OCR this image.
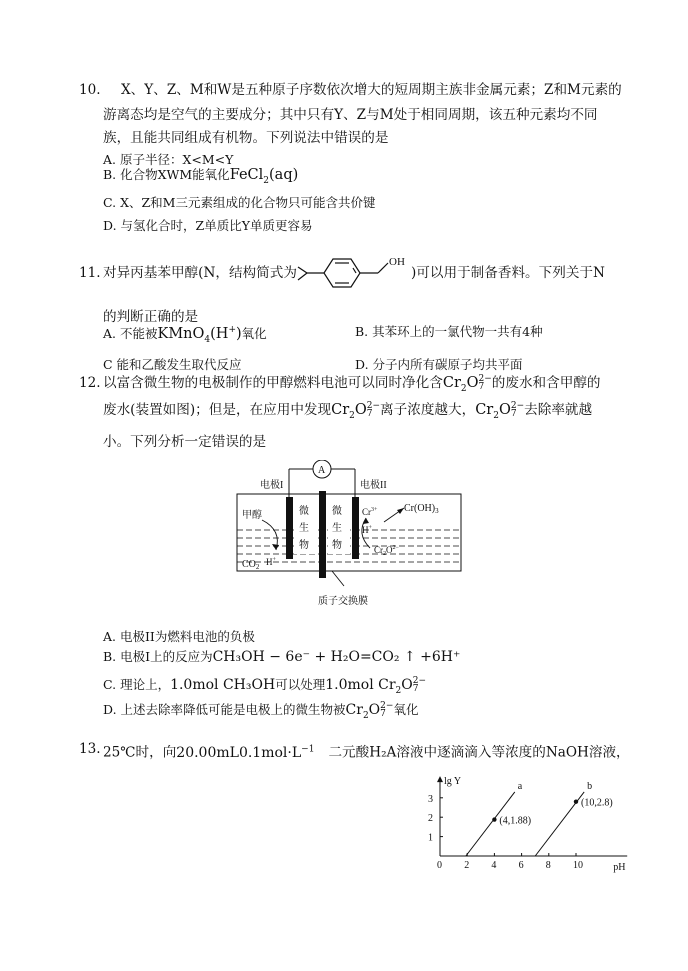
10. X、Y、Z、M和W是五种原子序数依次增大的短周期主族非金属元素；Z和M元素的
游离态均是空气的主要成分；其中只有Y、Z与M处于相同周期，该五种元素均不同
族，且能共同组成有机物。下列说法中错误的是
A. 原子半径：X<M<Y
B. 化合物XWM能氧化FeCl$_2$(aq)
C. X、Z和M三元素组成的化合物只可能含共价键
D. 与氢化合时，Z单质比Y单质更容易
11. 对异丙基苯甲醇(N，结构简式为
OH
)可以用于制备香料。下列关于N
的判断正确的是
A. 不能被KMnO$_4$(H+)氧化	B. 其苯环上的一氯代物一共有4种
C 能和乙酸发生取代反应	D. 分子内所有碳原子均共平面
12. 以富含微生物的电极制作的甲醇燃料电池可以同时净化含$Cr_2O2-$
7 的废水和含甲醇的
废水(装置如图)；但是，在应用中发现$Cr_2O2-$
7 离子浓度越大，$Cr_2O2-$
7 去除率就越
小。下列分析一定错误的是
A
电极I	电极II
甲醇	微
生
物
微
生
物
$CO_2$ H+
$Cr^{3+}$	$Cr(OH)_3$
H+
$Cr_2O^{2-}$
质子交换膜
A. 电极II为燃料电池的负极
B. 电极I上的反应为CH₃OH − 6e⁻ + H₂O=CO₂ ↑ +6H⁺
C. 理论上，1.0mol CH₃OH可以处理1.0mol $Cr_2O2-$
7
D. 上述去除率降低可能是电极上的微生物被$Cr_2O2-$
7 氧化
13. 25℃时，向$20.00mL0.1mol\cdot L^{-1}$ 二元酸H₂A溶液中逐滴滴入等浓度的NaOH溶液，
0 2 4 6 8 10
1
2
3
lg Y
pH
a
(4,1.88)
b
(10,2.8)
